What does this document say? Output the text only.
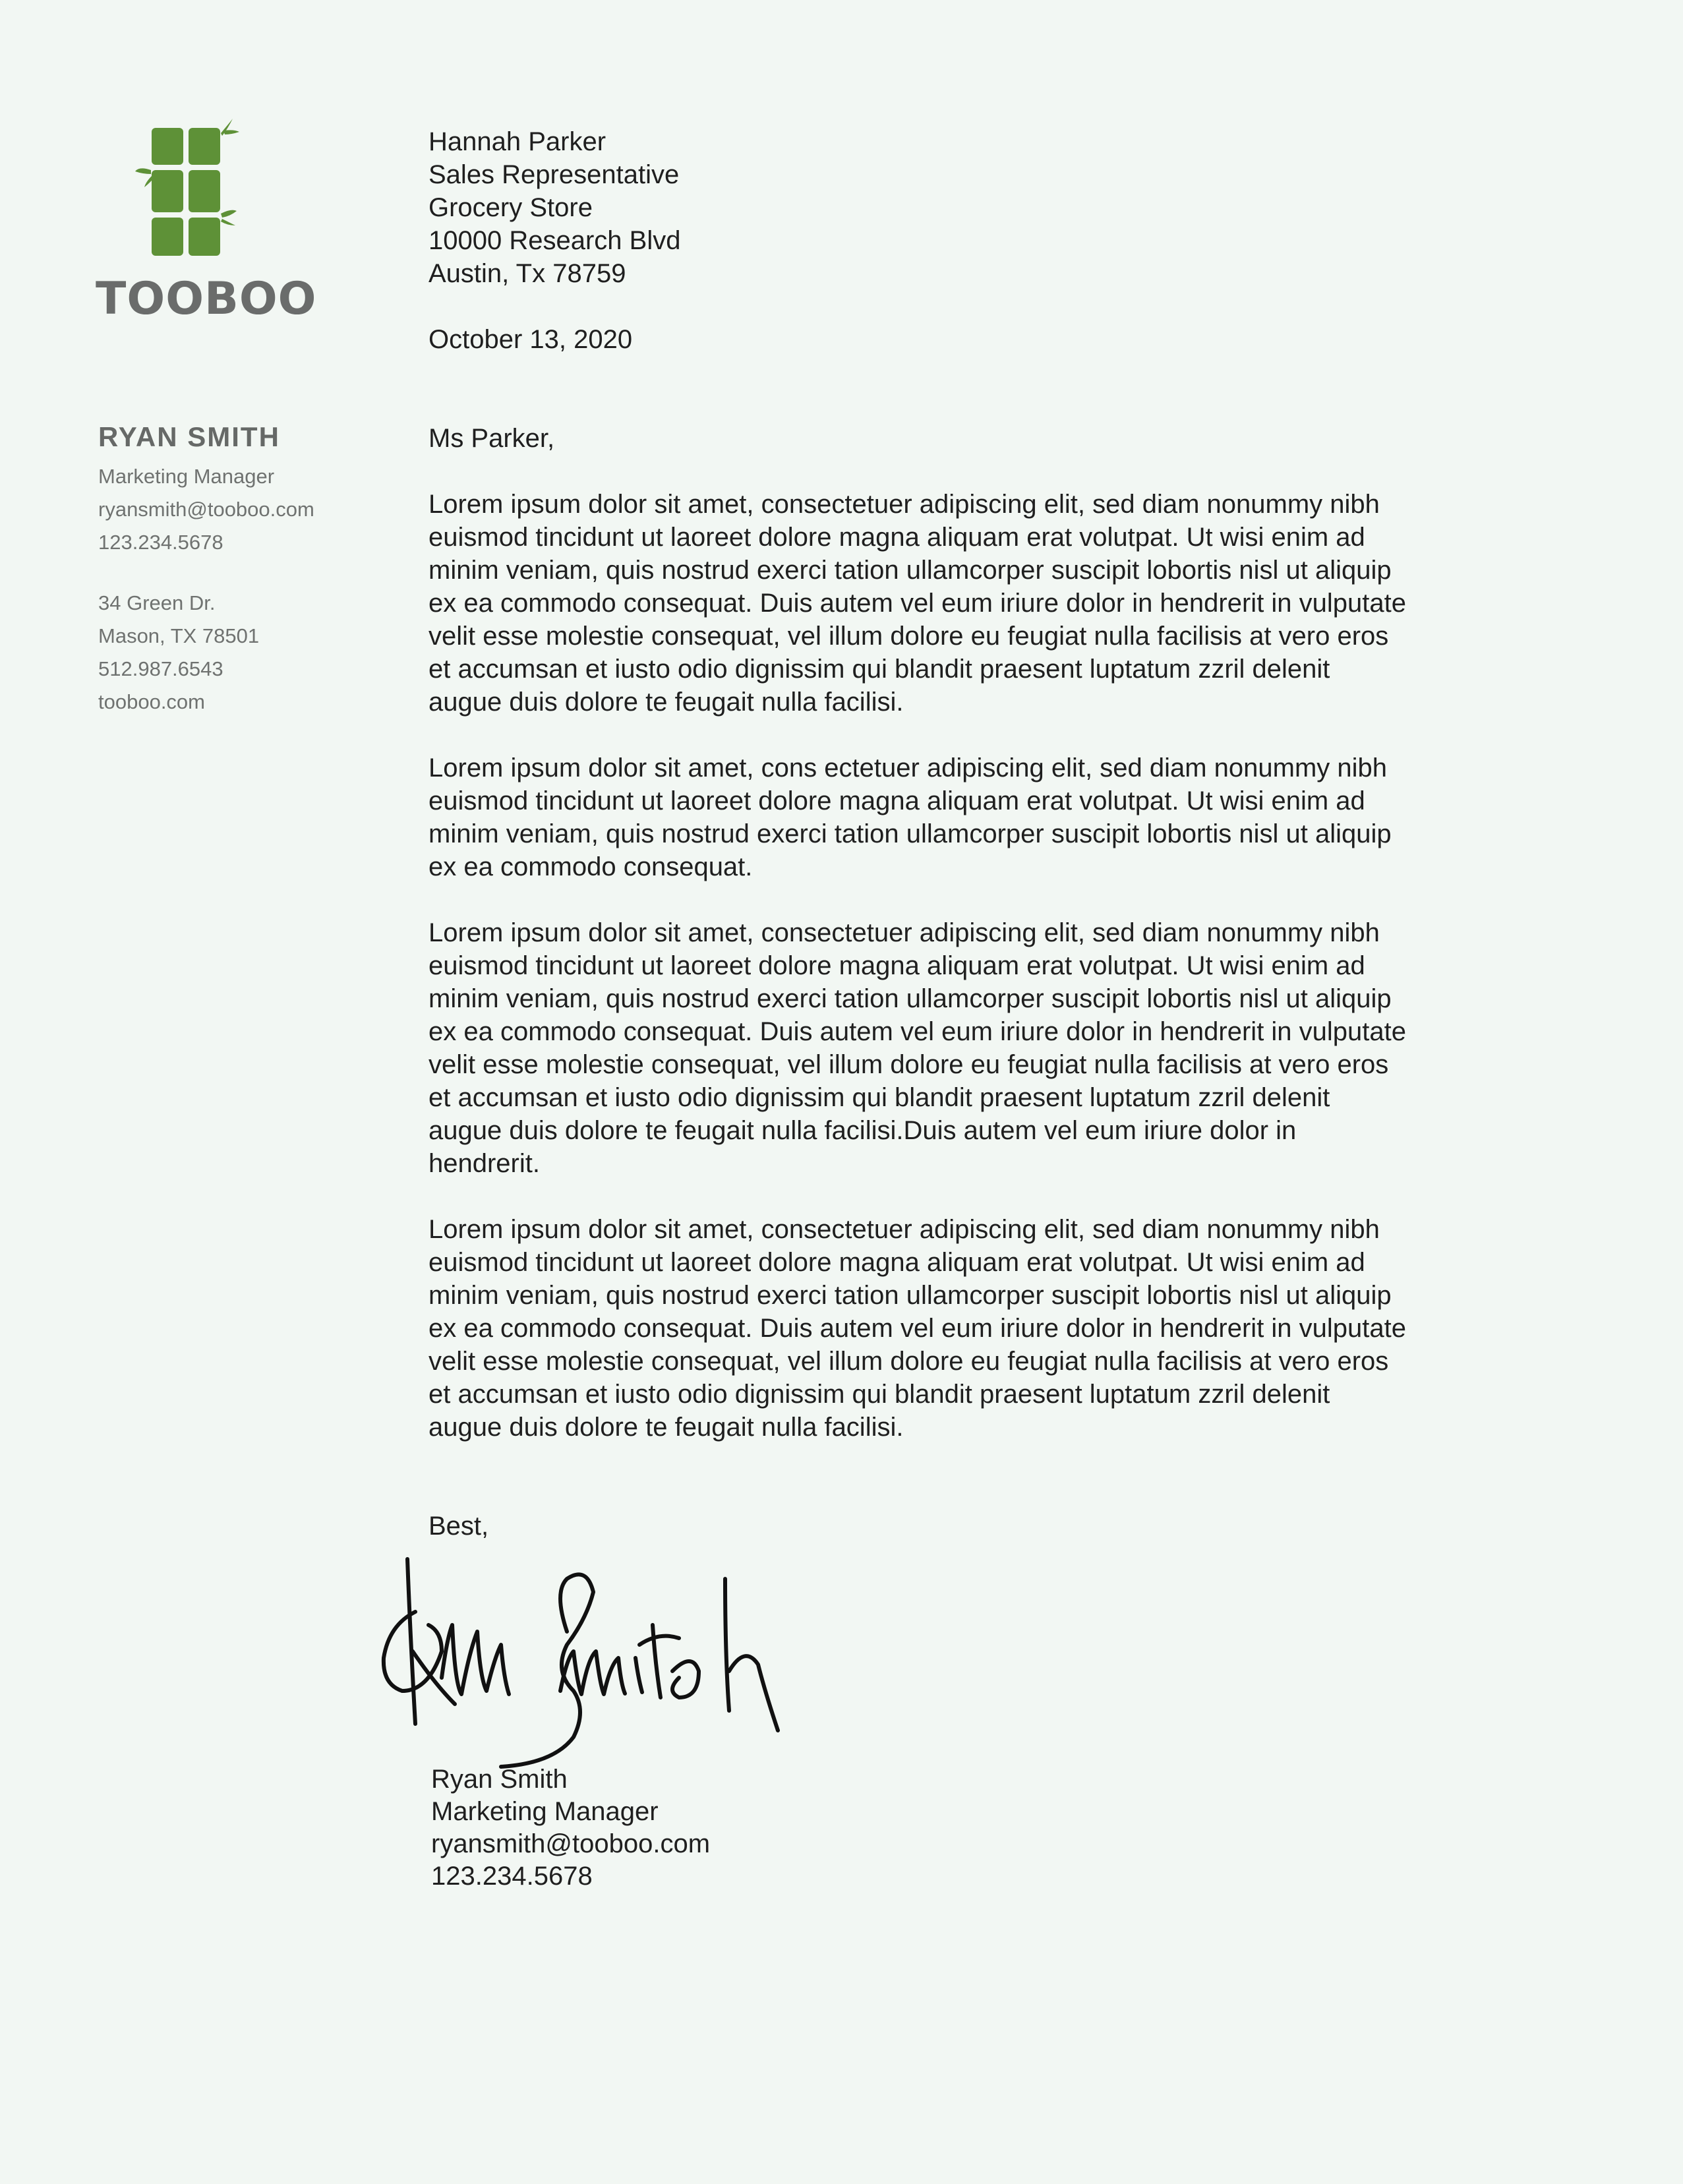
TOOBOO
RYAN SMITH
Marketing Manager
ryansmith@tooboo.com
123.234.5678
34 Green Dr.
Mason, TX 78501
512.987.6543
tooboo.com
Hannah Parker
Sales Representative
Grocery Store
10000 Research Blvd
Austin, Tx 78759
October 13, 2020
Ms Parker,
Lorem ipsum dolor sit amet, consectetuer adipiscing elit, sed diam nonummy nibh
euismod tincidunt ut laoreet dolore magna aliquam erat volutpat. Ut wisi enim ad
minim veniam, quis nostrud exerci tation ullamcorper suscipit lobortis nisl ut aliquip
ex ea commodo consequat. Duis autem vel eum iriure dolor in hendrerit in vulputate
velit esse molestie consequat, vel illum dolore eu feugiat nulla facilisis at vero eros
et accumsan et iusto odio dignissim qui blandit praesent luptatum zzril delenit
augue duis dolore te feugait nulla facilisi.
Lorem ipsum dolor sit amet, cons ectetuer adipiscing elit, sed diam nonummy nibh
euismod tincidunt ut laoreet dolore magna aliquam erat volutpat. Ut wisi enim ad
minim veniam, quis nostrud exerci tation ullamcorper suscipit lobortis nisl ut aliquip
ex ea commodo consequat.
Lorem ipsum dolor sit amet, consectetuer adipiscing elit, sed diam nonummy nibh
euismod tincidunt ut laoreet dolore magna aliquam erat volutpat. Ut wisi enim ad
minim veniam, quis nostrud exerci tation ullamcorper suscipit lobortis nisl ut aliquip
ex ea commodo consequat. Duis autem vel eum iriure dolor in hendrerit in vulputate
velit esse molestie consequat, vel illum dolore eu feugiat nulla facilisis at vero eros
et accumsan et iusto odio dignissim qui blandit praesent luptatum zzril delenit
augue duis dolore te feugait nulla facilisi.Duis autem vel eum iriure dolor in
hendrerit.
Lorem ipsum dolor sit amet, consectetuer adipiscing elit, sed diam nonummy nibh
euismod tincidunt ut laoreet dolore magna aliquam erat volutpat. Ut wisi enim ad
minim veniam, quis nostrud exerci tation ullamcorper suscipit lobortis nisl ut aliquip
ex ea commodo consequat. Duis autem vel eum iriure dolor in hendrerit in vulputate
velit esse molestie consequat, vel illum dolore eu feugiat nulla facilisis at vero eros
et accumsan et iusto odio dignissim qui blandit praesent luptatum zzril delenit
augue duis dolore te feugait nulla facilisi.
Best,
Ryan Smith
Marketing Manager
ryansmith@tooboo.com
123.234.5678
